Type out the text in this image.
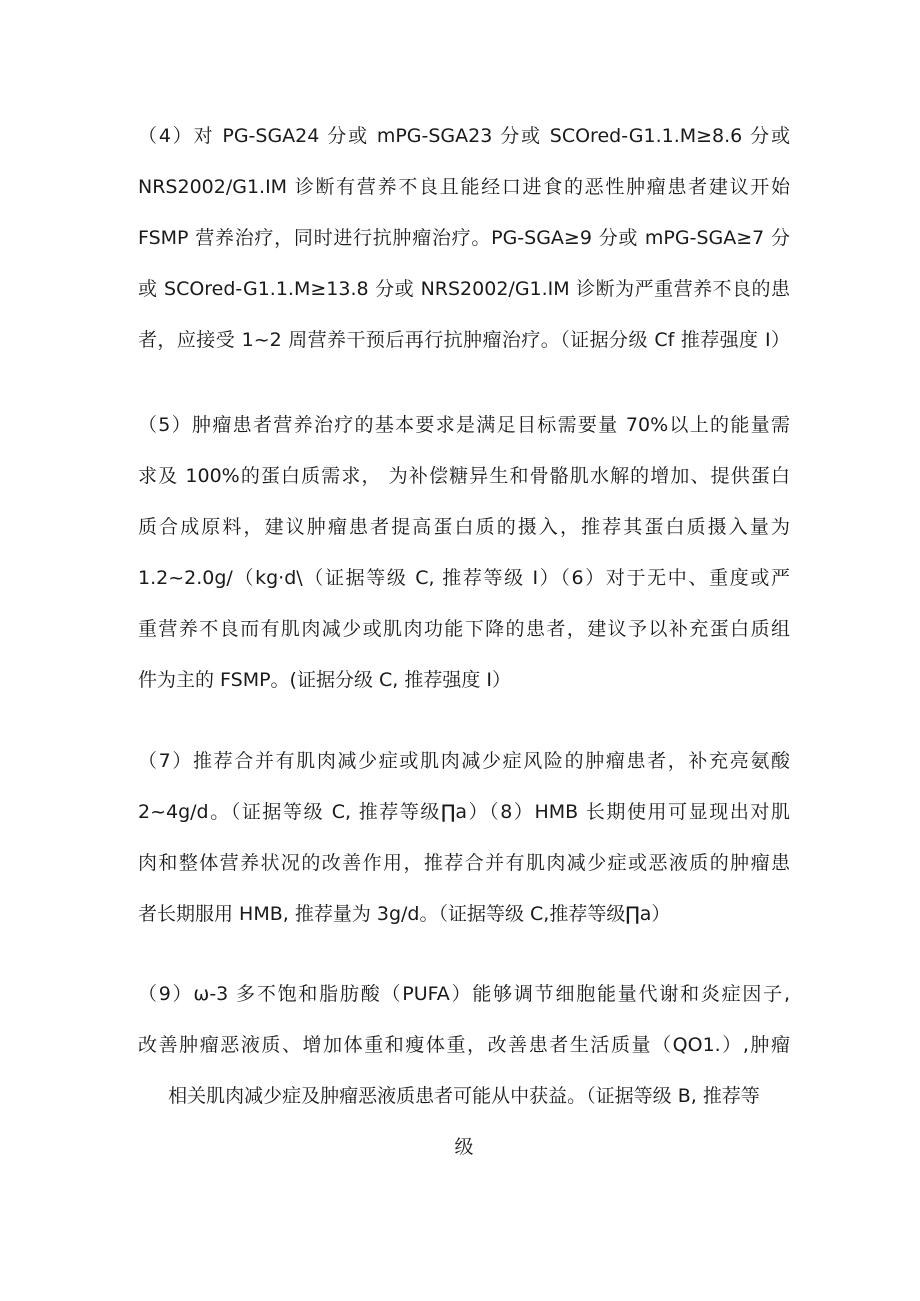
（4）对 PG-SGA24 分或 mPG-SGA23 分或 SCOred-G1.1.M≥8.6 分或
NRS2002/G1.IM 诊断有营养不良且能经口进食的恶性肿瘤患者建议开始
FSMP 营养治疗，同时进行抗肿瘤治疗。PG-SGA≥9 分或 mPG-SGA≥7 分
或 SCOred-G1.1.M≥13.8 分或 NRS2002/G1.IM 诊断为严重营养不良的患
者，应接受 1~2 周营养干预后再行抗肿瘤治疗。（证据分级 Cf 推荐强度 I）
（5）肿瘤患者营养治疗的基本要求是满足目标需要量 70%以上的能量需
求及 100%的蛋白质需求， 为补偿糖异生和骨骼肌水解的增加、提供蛋白
质合成原料，建议肿瘤患者提高蛋白质的摄入，推荐其蛋白质摄入量为
1.2~2.0g/（kg·d\（证据等级 C, 推荐等级 I）（6）对于无中、重度或严
重营养不良而有肌肉减少或肌肉功能下降的患者，建议予以补充蛋白质组
件为主的 FSMP。(证据分级 C, 推荐强度 I）
（7）推荐合并有肌肉减少症或肌肉减少症风险的肿瘤患者，补充亮氨酸
2~4g/d。（证据等级 C, 推荐等级∏a）（8）HMB 长期使用可显现出对肌
肉和整体营养状况的改善作用，推荐合并有肌肉减少症或恶液质的肿瘤患
者长期服用 HMB, 推荐量为 3g/d。（证据等级 C,推荐等级∏a）
（9）ω-3 多不饱和脂肪酸（PUFA）能够调节细胞能量代谢和炎症因子,
改善肿瘤恶液质、增加体重和瘦体重，改善患者生活质量（QO1.）,肿瘤
相关肌肉减少症及肿瘤恶液质患者可能从中获益。（证据等级 B, 推荐等
级
